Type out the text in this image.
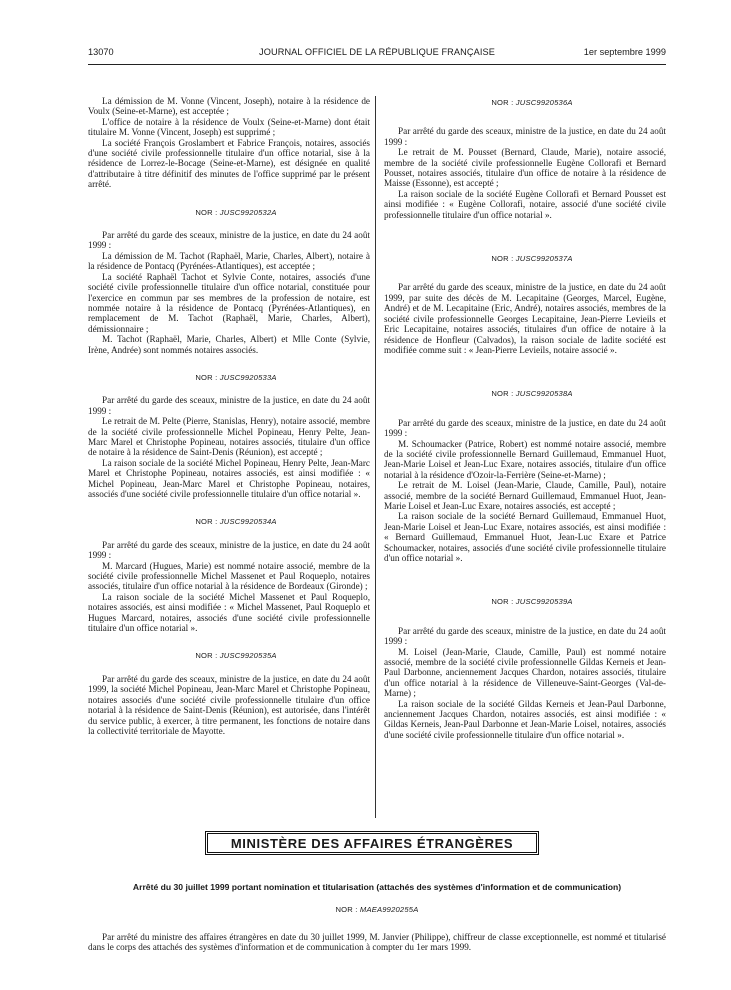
13070	JOURNAL OFFICIEL DE LA RÉPUBLIQUE FRANÇAISE	1er septembre 1999

La démission de M. Vonne (Vincent, Joseph), notaire à la résidence de Voulx (Seine-et-Marne), est acceptée ;

L'office de notaire à la résidence de Voulx (Seine-et-Marne) dont était titulaire M. Vonne (Vincent, Joseph) est supprimé ;

La société François Groslambert et Fabrice François, notaires, associés d'une société civile professionnelle titulaire d'un office notarial, sise à la résidence de Lorrez-le-Bocage (Seine-et-Marne), est désignée en qualité d'attributaire à titre définitif des minutes de l'office supprimé par le présent arrêté.

NOR : JUSC9920532A

Par arrêté du garde des sceaux, ministre de la justice, en date du 24 août 1999 :

La démission de M. Tachot (Raphaël, Marie, Charles, Albert), notaire à la résidence de Pontacq (Pyrénées-Atlantiques), est acceptée ;

La société Raphaël Tachot et Sylvie Conte, notaires, associés d'une société civile professionnelle titulaire d'un office notarial, constituée pour l'exercice en commun par ses membres de la profession de notaire, est nommée notaire à la résidence de Pontacq (Pyrénées-Atlantiques), en remplacement de M. Tachot (Raphaël, Marie, Charles, Albert), démissionnaire ;

M. Tachot (Raphaël, Marie, Charles, Albert) et Mlle Conte (Sylvie, Irène, Andrée) sont nommés notaires associés.

NOR : JUSC9920533A

Par arrêté du garde des sceaux, ministre de la justice, en date du 24 août 1999 :

Le retrait de M. Pelte (Pierre, Stanislas, Henry), notaire associé, membre de la société civile professionnelle Michel Popineau, Henry Pelte, Jean-Marc Marel et Christophe Popineau, notaires associés, titulaire d'un office de notaire à la résidence de Saint-Denis (Réunion), est accepté ;

La raison sociale de la société Michel Popineau, Henry Pelte, Jean-Marc Marel et Christophe Popineau, notaires associés, est ainsi modifiée : « Michel Popineau, Jean-Marc Marel et Christophe Popineau, notaires, associés d'une société civile professionnelle titulaire d'un office notarial ».

NOR : JUSC9920534A

Par arrêté du garde des sceaux, ministre de la justice, en date du 24 août 1999 :

M. Marcard (Hugues, Marie) est nommé notaire associé, membre de la société civile professionnelle Michel Massenet et Paul Roqueplo, notaires associés, titulaire d'un office notarial à la résidence de Bordeaux (Gironde) ;

La raison sociale de la société Michel Massenet et Paul Roqueplo, notaires associés, est ainsi modifiée : « Michel Massenet, Paul Roqueplo et Hugues Marcard, notaires, associés d'une société civile professionnelle titulaire d'un office notarial ».

NOR : JUSC9920535A

Par arrêté du garde des sceaux, ministre de la justice, en date du 24 août 1999, la société Michel Popineau, Jean-Marc Marel et Christophe Popineau, notaires associés d'une société civile professionnelle titulaire d'un office notarial à la résidence de Saint-Denis (Réunion), est autorisée, dans l'intérêt du service public, à exercer, à titre permanent, les fonctions de notaire dans la collectivité territoriale de Mayotte.

NOR : JUSC9920536A

Par arrêté du garde des sceaux, ministre de la justice, en date du 24 août 1999 :

Le retrait de M. Pousset (Bernard, Claude, Marie), notaire associé, membre de la société civile professionnelle Eugène Collorafi et Bernard Pousset, notaires associés, titulaire d'un office de notaire à la résidence de Maisse (Essonne), est accepté ;

La raison sociale de la société Eugène Collorafi et Bernard Pousset est ainsi modifiée : « Eugène Collorafi, notaire, associé d'une société civile professionnelle titulaire d'un office notarial ».

NOR : JUSC9920537A

Par arrêté du garde des sceaux, ministre de la justice, en date du 24 août 1999, par suite des décès de M. Lecapitaine (Georges, Marcel, Eugène, André) et de M. Lecapitaine (Eric, André), notaires associés, membres de la société civile professionnelle Georges Lecapitaine, Jean-Pierre Levieils et Eric Lecapitaine, notaires associés, titulaires d'un office de notaire à la résidence de Honfleur (Calvados), la raison sociale de ladite société est modifiée comme suit : « Jean-Pierre Levieils, notaire associé ».

NOR : JUSC9920538A

Par arrêté du garde des sceaux, ministre de la justice, en date du 24 août 1999 :

M. Schoumacker (Patrice, Robert) est nommé notaire associé, membre de la société civile professionnelle Bernard Guillemaud, Emmanuel Huot, Jean-Marie Loisel et Jean-Luc Exare, notaires associés, titulaire d'un office notarial à la résidence d'Ozoir-la-Ferrière (Seine-et-Marne) ;

Le retrait de M. Loisel (Jean-Marie, Claude, Camille, Paul), notaire associé, membre de la société Bernard Guillemaud, Emmanuel Huot, Jean-Marie Loisel et Jean-Luc Exare, notaires associés, est accepté ;

La raison sociale de la société Bernard Guillemaud, Emmanuel Huot, Jean-Marie Loisel et Jean-Luc Exare, notaires associés, est ainsi modifiée : « Bernard Guillemaud, Emmanuel Huot, Jean-Luc Exare et Patrice Schoumacker, notaires, associés d'une société civile professionnelle titulaire d'un office notarial ».

NOR : JUSC9920539A

Par arrêté du garde des sceaux, ministre de la justice, en date du 24 août 1999 :

M. Loisel (Jean-Marie, Claude, Camille, Paul) est nommé notaire associé, membre de la société civile professionnelle Gildas Kerneis et Jean-Paul Darbonne, anciennement Jacques Chardon, notaires associés, titulaire d'un office notarial à la résidence de Villeneuve-Saint-Georges (Val-de-Marne) ;

La raison sociale de la société Gildas Kerneis et Jean-Paul Darbonne, anciennement Jacques Chardon, notaires associés, est ainsi modifiée : « Gildas Kerneis, Jean-Paul Darbonne et Jean-Marie Loisel, notaires, associés d'une société civile professionnelle titulaire d'un office notarial ».

MINISTÈRE DES AFFAIRES ÉTRANGÈRES
Arrêté du 30 juillet 1999 portant nomination et titularisation (attachés des systèmes d'information et de communication)

NOR : MAEA9920255A

Par arrêté du ministre des affaires étrangères en date du 30 juillet 1999, M. Janvier (Philippe), chiffreur de classe exceptionnelle, est nommé et titularisé dans le corps des attachés des systèmes d'information et de communication à compter du 1er mars 1999.
